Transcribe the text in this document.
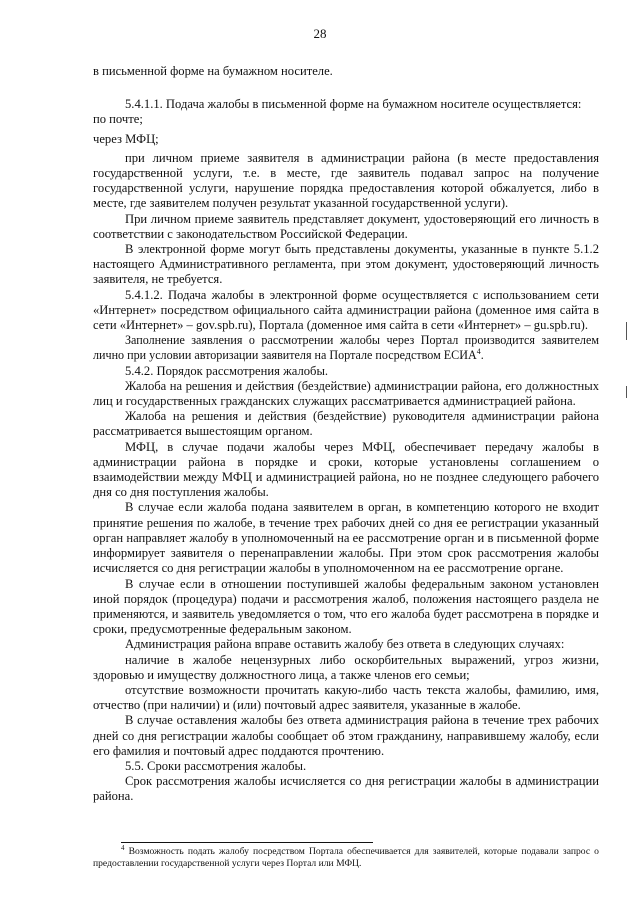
28

в письменной форме на бумажном носителе.

5.4.1.1. Подача жалобы в письменной форме на бумажном носителе осуществляется:

по почте;

через МФЦ;

при личном приеме заявителя в администрации района (в месте предоставления государственной услуги, т.е. в месте, где заявитель подавал запрос на получение государственной услуги, нарушение порядка предоставления которой обжалуется, либо в месте, где заявителем получен результат указанной государственной услуги).

При личном приеме заявитель представляет документ, удостоверяющий его личность в соответствии с законодательством Российской Федерации.

В электронной форме могут быть представлены документы, указанные в пункте 5.1.2 настоящего Административного регламента, при этом документ, удостоверяющий личность заявителя, не требуется.

5.4.1.2. Подача жалобы в электронной форме осуществляется с использованием сети «Интернет» посредством официального сайта администрации района (доменное имя сайта в сети «Интернет» – gov.spb.ru), Портала (доменное имя сайта в сети «Интернет» – gu.spb.ru).

Заполнение заявления о рассмотрении жалобы через Портал производится заявителем лично при условии авторизации заявителя на Портале посредством ЕСИА$^4$.

5.4.2. Порядок рассмотрения жалобы.

Жалоба на решения и действия (бездействие) администрации района, его должностных лиц и государственных гражданских служащих рассматривается администрацией района.

Жалоба на решения и действия (бездействие) руководителя администрации района рассматривается вышестоящим органом.

МФЦ, в случае подачи жалобы через МФЦ, обеспечивает передачу жалобы в администрации района в порядке и сроки, которые установлены соглашением о взаимодействии между МФЦ и администрацией района, но не позднее следующего рабочего дня со дня поступления жалобы.

В случае если жалоба подана заявителем в орган, в компетенцию которого не входит принятие решения по жалобе, в течение трех рабочих дней со дня ее регистрации указанный орган направляет жалобу в уполномоченный на ее рассмотрение орган и в письменной форме информирует заявителя о перенаправлении жалобы. При этом срок рассмотрения жалобы исчисляется со дня регистрации жалобы в уполномоченном на ее рассмотрение органе.

В случае если в отношении поступившей жалобы федеральным законом установлен иной порядок (процедура) подачи и рассмотрения жалоб, положения настоящего раздела не применяются, и заявитель уведомляется о том, что его жалоба будет рассмотрена в порядке и сроки, предусмотренные федеральным законом.

Администрация района вправе оставить жалобу без ответа в следующих случаях:

наличие в жалобе нецензурных либо оскорбительных выражений, угроз жизни, здоровью и имуществу должностного лица, а также членов его семьи;

отсутствие возможности прочитать какую-либо часть текста жалобы, фамилию, имя, отчество (при наличии) и (или) почтовый адрес заявителя, указанные в жалобе.

В случае оставления жалобы без ответа администрация района в течение трех рабочих дней со дня регистрации жалобы сообщает об этом гражданину, направившему жалобу, если его фамилия и почтовый адрес поддаются прочтению.

5.5. Сроки рассмотрения жалобы.

Срок рассмотрения жалобы исчисляется со дня регистрации жалобы в администрации района.

$^4$ Возможность подать жалобу посредством Портала обеспечивается для заявителей, которые подавали запрос о предоставлении государственной услуги через Портал или МФЦ.
